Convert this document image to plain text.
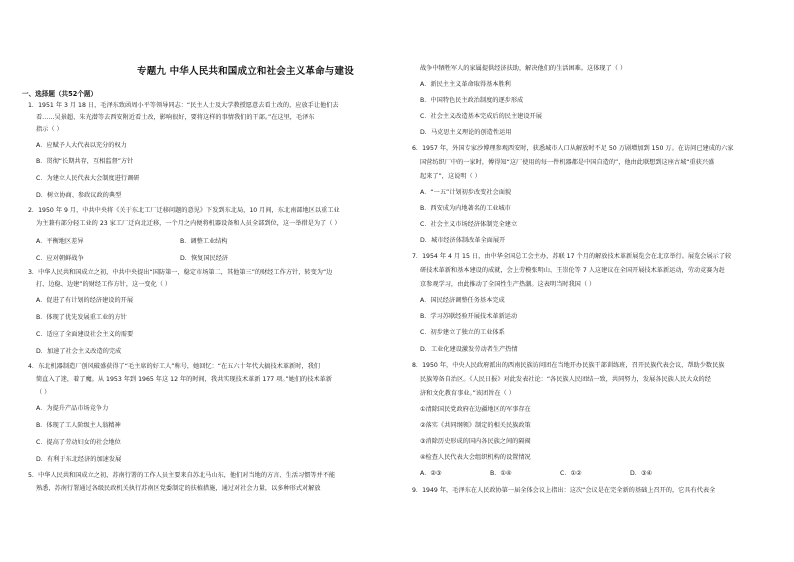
专题九 中华人民共和国成立和社会主义革命与建设
一、选择题（共52个题）
1．1951 年 3 月 18 日，毛泽东致函周小平等领导同志：“民主人士及大学教授愿意去看土改的，应放手让他们去
看……吴景超、朱光潜等去西安附近看土改，影响很好，要将这样的事情我们的干部。”在这里，毛泽东
指示（ ）
A．应赋予人大代表以充分的权力
B．贯彻“长期共存，互相监督”方针
C．为建立人民代表大会制度进行调研
D．树立协商、参政议政的典型
2．1950 年 9 月，中共中央将《关于东北工厂迁移问题的意见》下发到东北局，10 月间，东北南部地区以重工业
为主兼有部分轻工业的 23 家工厂迁向北迁移，一个月之内便将机器设备和人员全部到位，这一举措是为了（ ）
A．平衡地区差异	B．调整工业结构
C．应对朝鲜战争	D．恢复国民经济
3．中华人民共和国成立之初，中共中央提出“国防第一，稳定市场第二，其他第三”的财经工作方针，转变为“边
打、边稳、边建”的财经工作方针，这一变化（ ）
A．促进了有计划的经济建设的开展
B．体现了优先发展重工业的方针
C．适应了全面建设社会主义的需要
D．加速了社会主义改造的完成
4．东北机器制造厂创风破盛获得了“毛主席的好工人”称号，她回忆：“在五六十年代大搞技术革新时，我们
简直入了迷，着了魔。从 1953 年到 1965 年这 12 年的时间，我共实现技术革新 177 项。”她们的技术革新
（ ）
A．为提升产品市场竞争力
B．体现了工人阶级主人翁精神
C．提高了劳动妇女的社会地位
D．有利于东北经济的加速发展
5．中华人民共和国成立之初，苏南行署的工作人员主要来自苏北马山东，他们对当地的方言、生活习惯等并不能
熟悉，苏南行署通过各级民政机关执行苏南区党委制定的扶植措施，通过对社会力量，以多种形式对解放
战争中牺牲军人的家属提供经济扶助，解决他们的生活困难。这体现了（ ）
A．新民主主义革命取得基本胜利
B．中国特色民主政治制度的逐步形成
C．社会主义改造基本完成后的民主建设开展
D．马克思主义理论的创造性运用
6．1957 年，外国专家沙博理参观西安时，获悉城市人口从解放时不足 50 万剧增加到 150 万。在访问已建成的六家
国营纺织厂中的一家时，傅得知“这厂使用的每一件机器都是中国自造的”，他由此联想到这座古城“重获兴盛
起来了”，这说明（ ）
A．“一五”计划初步改变社会面貌
B．西安成为内地著名的工业城市
C．社会主义市场经济体制完全建立
D．城市经济体制改革全面展开
7．1954 年 4 月 15 日，由中华全国总工会主办，苏联 17 个月的解放技术革新展览会在北京举行。展览会展示了较
研技术革新和基本建设的成就，会上劳模张明山、王崇伦等 7 人这建议在全国开展技术革新运动，劳动竞赛为赶
京参观学习，由此推动了全国性生产热潮。这表明当时我国（ ）
A．国民经济调整任务基本完成
B．学习苏联经验开展技术革新运动
C．初步建立了独立的工业体系
D．工业化建设激发劳动者生产热情
8．1950 年，中央人民政府派出的西南民族访问团在当地开办民族干部训练班，召开民族代表会议，帮助少数民族
民族筹备自治区。《人民日报》对此发表社论：“各民族人民团结一致，共同努力，发展各民族人民大众的经
济和文化教育事业。”该团旨在（ ）
①清除国民党政府在边疆地区的军事存在
②落实《共同纲领》制定的相关民族政策
③消除历史形成的国内各民族之间的隔阂
④检查人民代表大会组织机构的设置情况
A．②③	B．①④	C．①②	D．③④
9．1949 年，毛泽东在人民政协第一届全体会议上指出：这次“会议是在完全新的基础上召开的，它具有代表全
